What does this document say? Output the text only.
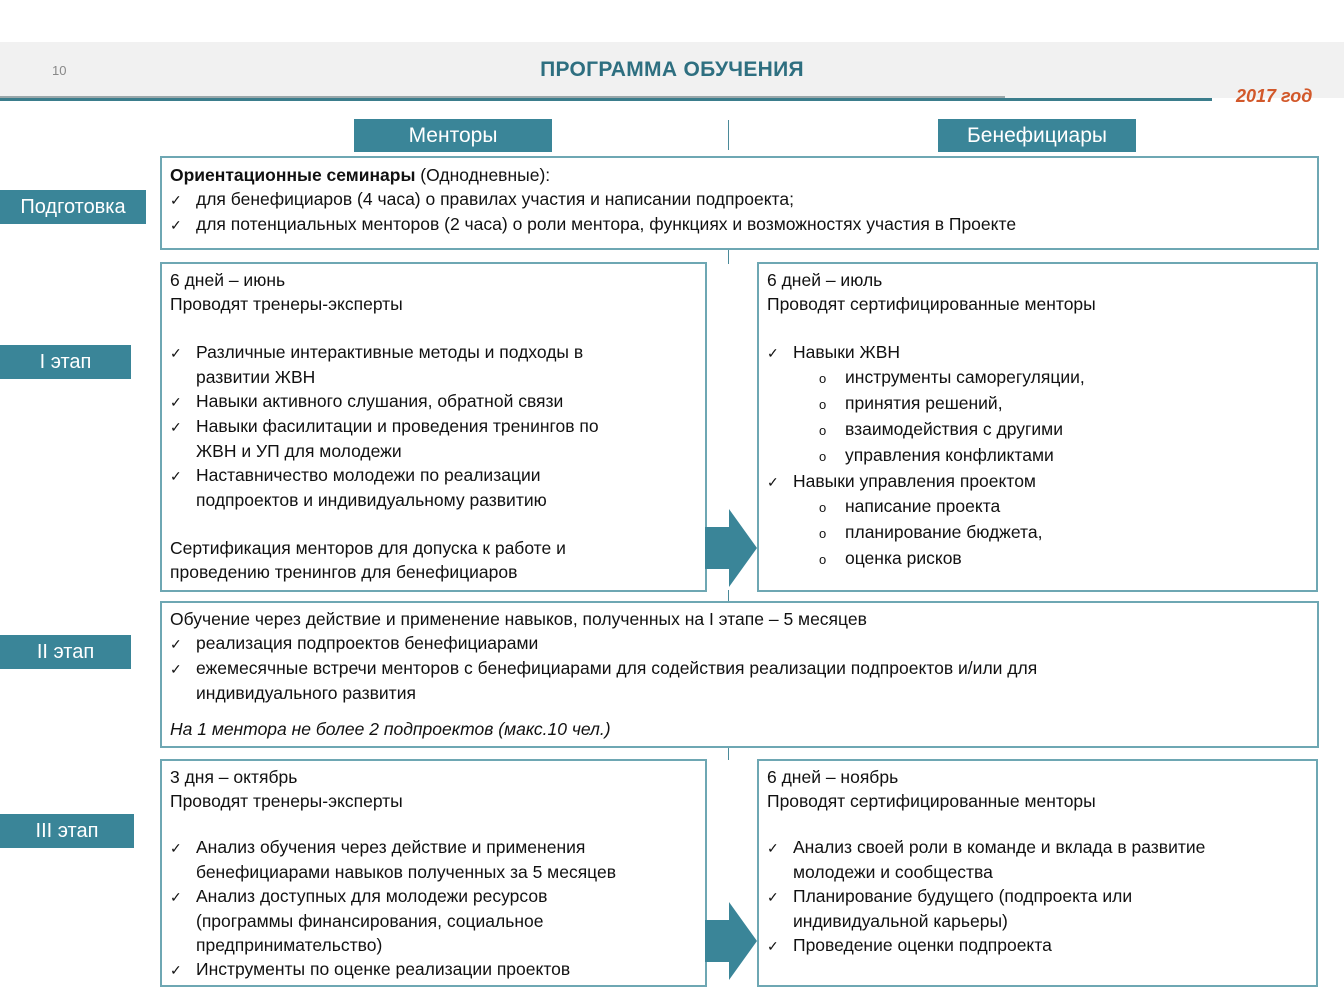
10	ПРОГРАММА ОБУЧЕНИЯ
2017 год
Менторы	Бенефициары
Подготовка
Ориентационные семинары (Однодневные):
✓ для бенефициаров (4 часа) о правилах участия и написании подпроекта;
✓ для потенциальных менторов (2 часа) о роли ментора, функциях и возможностях участия в Проекте
I этап
6 дней – июнь
Проводят тренеры-эксперты
✓ Различные интерактивные методы и подходы в
развитии ЖВН
✓ Навыки активного слушания, обратной связи
✓ Навыки фасилитации и проведения тренингов по
ЖВН и УП для молодежи
✓ Наставничество молодежи по реализации
подпроектов и индивидуальному развитию
Сертификация менторов для допуска к работе и
проведению тренингов для бенефициаров
6 дней – июль
Проводят сертифицированные менторы
✓ Навыки ЖВН
o инструменты саморегуляции,
o принятия решений,
o взаимодействия с другими
o управления конфликтами
✓ Навыки управления проектом
o написание проекта
o планирование бюджета,
o оценка рисков
II этап
Обучение через действие и применение навыков, полученных на I этапе – 5 месяцев
✓ реализация подпроектов бенефициарами
✓ ежемесячные встречи менторов с бенефициарами для содействия реализации подпроектов и/или для
индивидуального развития
На 1 ментора не более 2 подпроектов (макс.10 чел.)
III этап
3 дня – октябрь
Проводят тренеры-эксперты
✓ Анализ обучения через действие и применения
бенефициарами навыков полученных за 5 месяцев
✓ Анализ доступных для молодежи ресурсов
(программы финансирования, социальное
предпринимательство)
✓ Инструменты по оценке реализации проектов
6 дней – ноябрь
Проводят сертифицированные менторы
✓ Анализ своей роли в команде и вклада в развитие
молодежи и сообщества
✓ Планирование будущего (подпроекта или
индивидуальной карьеры)
✓ Проведение оценки подпроекта
